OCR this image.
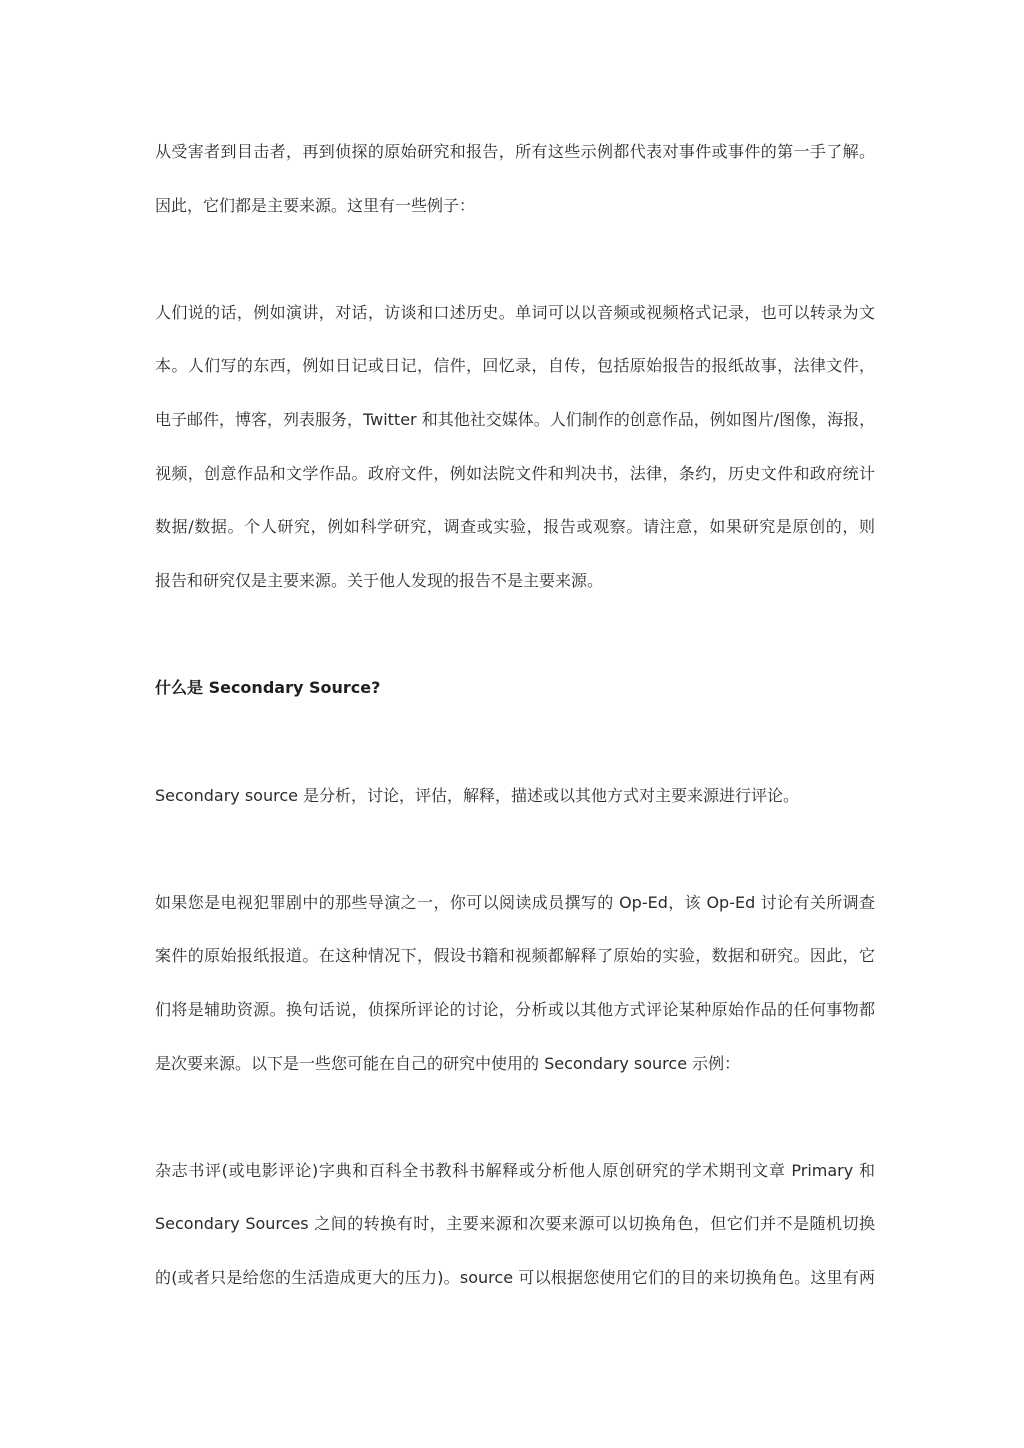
从受害者到目击者，再到侦探的原始研究和报告，所有这些示例都代表对事件或事件的第一手了解。
因此，它们都是主要来源。这里有一些例子：
人们说的话，例如演讲，对话，访谈和口述历史。单词可以以音频或视频格式记录，也可以转录为文
本。人们写的东西，例如日记或日记，信件，回忆录，自传，包括原始报告的报纸故事，法律文件，
电子邮件，博客，列表服务，Twitter 和其他社交媒体。人们制作的创意作品，例如图片/图像，海报，
视频，创意作品和文学作品。政府文件，例如法院文件和判决书，法律，条约，历史文件和政府统计
数据/数据。个人研究，例如科学研究，调查或实验，报告或观察。请注意，如果研究是原创的，则
报告和研究仅是主要来源。关于他人发现的报告不是主要来源。
什么是 Secondary Source?
Secondary source 是分析，讨论，评估，解释，描述或以其他方式对主要来源进行评论。
如果您是电视犯罪剧中的那些导演之一，你可以阅读成员撰写的 Op-Ed，该 Op-Ed 讨论有关所调查
案件的原始报纸报道。在这种情况下，假设书籍和视频都解释了原始的实验，数据和研究。因此，它
们将是辅助资源。换句话说，侦探所评论的讨论，分析或以其他方式评论某种原始作品的任何事物都
是次要来源。以下是一些您可能在自己的研究中使用的 Secondary source 示例：
杂志书评(或电影评论)字典和百科全书教科书解释或分析他人原创研究的学术期刊文章 Primary 和
Secondary Sources 之间的转换有时，主要来源和次要来源可以切换角色，但它们并不是随机切换
的(或者只是给您的生活造成更大的压力)。source 可以根据您使用它们的目的来切换角色。这里有两
